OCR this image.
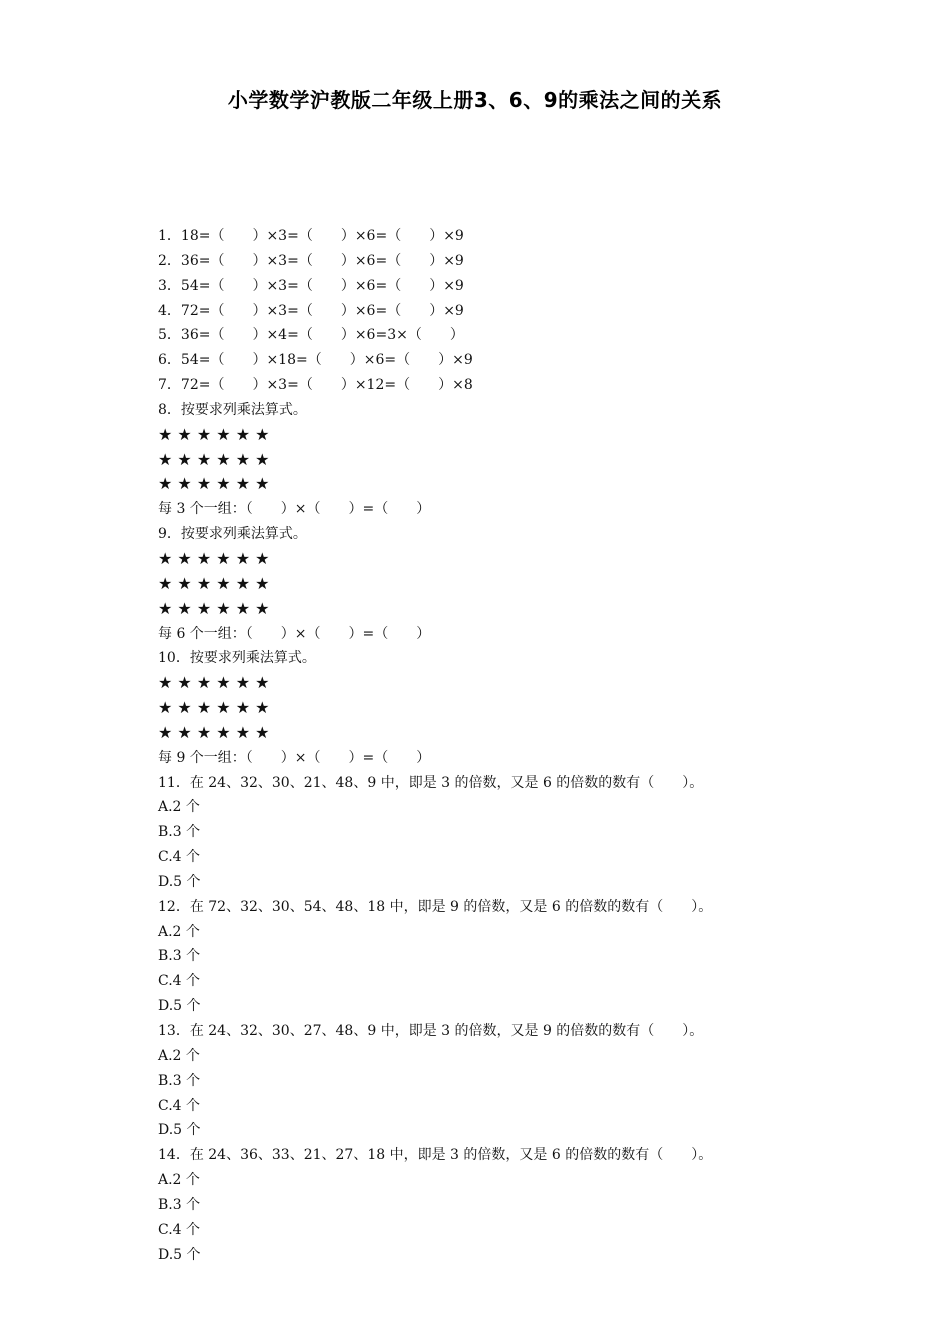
小学数学沪教版二年级上册3、6、9的乘法之间的关系
1．18=（　　）×3=（　　）×6=（　　）×9
2．36=（　　）×3=（　　）×6=（　　）×9
3．54=（　　）×3=（　　）×6=（　　）×9
4．72=（　　）×3=（　　）×6=（　　）×9
5．36=（　　）×4=（　　）×6=3×（　　）
6．54=（　　）×18=（　　）×6=（　　）×9
7．72=（　　）×3=（　　）×12=（　　）×8
8．按要求列乘法算式。
★ ★ ★ ★ ★ ★
★ ★ ★ ★ ★ ★
★ ★ ★ ★ ★ ★
每 3 个一组：（　　）×（　　）=（　　）
9．按要求列乘法算式。
★ ★ ★ ★ ★ ★
★ ★ ★ ★ ★ ★
★ ★ ★ ★ ★ ★
每 6 个一组：（　　）×（　　）=（　　）
10．按要求列乘法算式。
★ ★ ★ ★ ★ ★
★ ★ ★ ★ ★ ★
★ ★ ★ ★ ★ ★
每 9 个一组：（　　）×（　　）=（　　）
11．在 24、32、30、21、48、9 中，即是 3 的倍数，又是 6 的倍数的数有（　　）。
A.2 个
B.3 个
C.4 个
D.5 个
12．在 72、32、30、54、48、18 中，即是 9 的倍数，又是 6 的倍数的数有（　　）。
A.2 个
B.3 个
C.4 个
D.5 个
13．在 24、32、30、27、48、9 中，即是 3 的倍数，又是 9 的倍数的数有（　　）。
A.2 个
B.3 个
C.4 个
D.5 个
14．在 24、36、33、21、27、18 中，即是 3 的倍数，又是 6 的倍数的数有（　　）。
A.2 个
B.3 个
C.4 个
D.5 个
